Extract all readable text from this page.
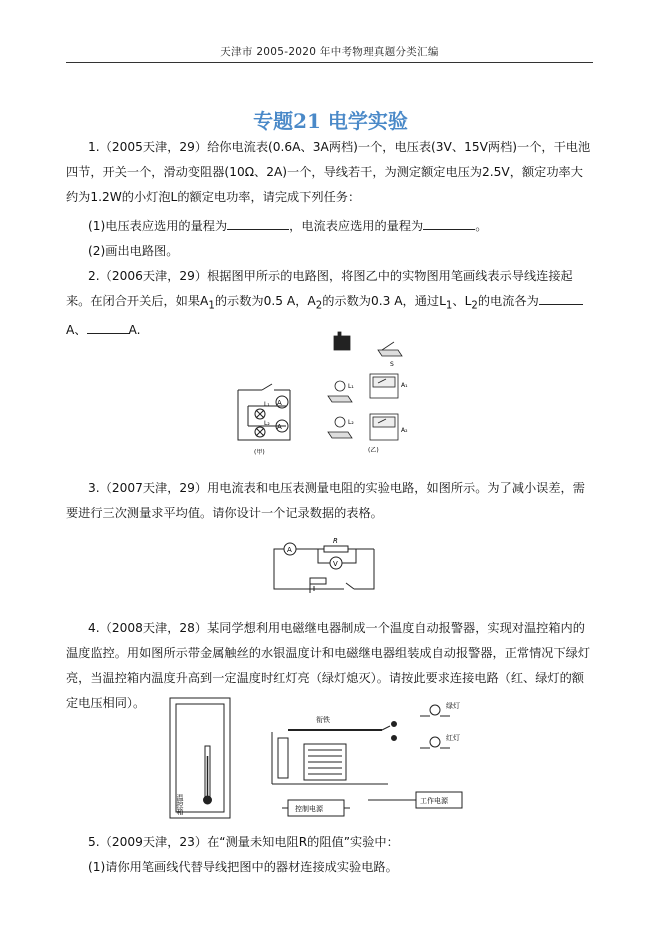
天津市 2005-2020 年中考物理真题分类汇编
专题21 电学实验
1.（2005天津，29）给你电流表(0.6A、3A两档)一个，电压表(3V、15V两档)一个，干电池四节，开关一个，滑动变阻器(10Ω、2A)一个，导线若干，为测定额定电压为2.5V，额定功率大约为1.2W的小灯泡L的额定电功率，请完成下列任务：
(1)电压表应选用的量程为	，电流表应选用的量程为	。
(2)画出电路图。
2.（2006天津，29）根据图甲所示的电路图，将图乙中的实物图用笔画线表示导线连接起来。在闭合开关后，如果$A_1$的示数为0.5 A，$A_2$的示数为0.3 A，通过$L_1$、$L_2$的电流各为A、	A.
A
A
L₁
L₂
(甲)
S
L₁	A₁
L₂
A₂
(乙)
3.（2007天津，29）用电流表和电压表测量电阻的实验电路，如图所示。为了减小误差，需要进行三次测量求平均值。请你设计一个记录数据的表格。
A
V
R
4.（2008天津，28）某同学想利用电磁继电器制成一个温度自动报警器，实现对温控箱内的温度监控。用如图所示带金属触丝的水银温度计和电磁继电器组装成自动报警器，正常情况下绿灯亮，当温控箱内温度升高到一定温度时红灯亮（绿灯熄灭）。请按此要求连接电路（红、绿灯的额定电压相同）。
温控箱
衔铁
绿灯
红灯
控制电源
工作电源
5.（2009天津，23）在“测量未知电阻R的阻值”实验中：
(1)请你用笔画线代替导线把图中的器材连接成实验电路。
